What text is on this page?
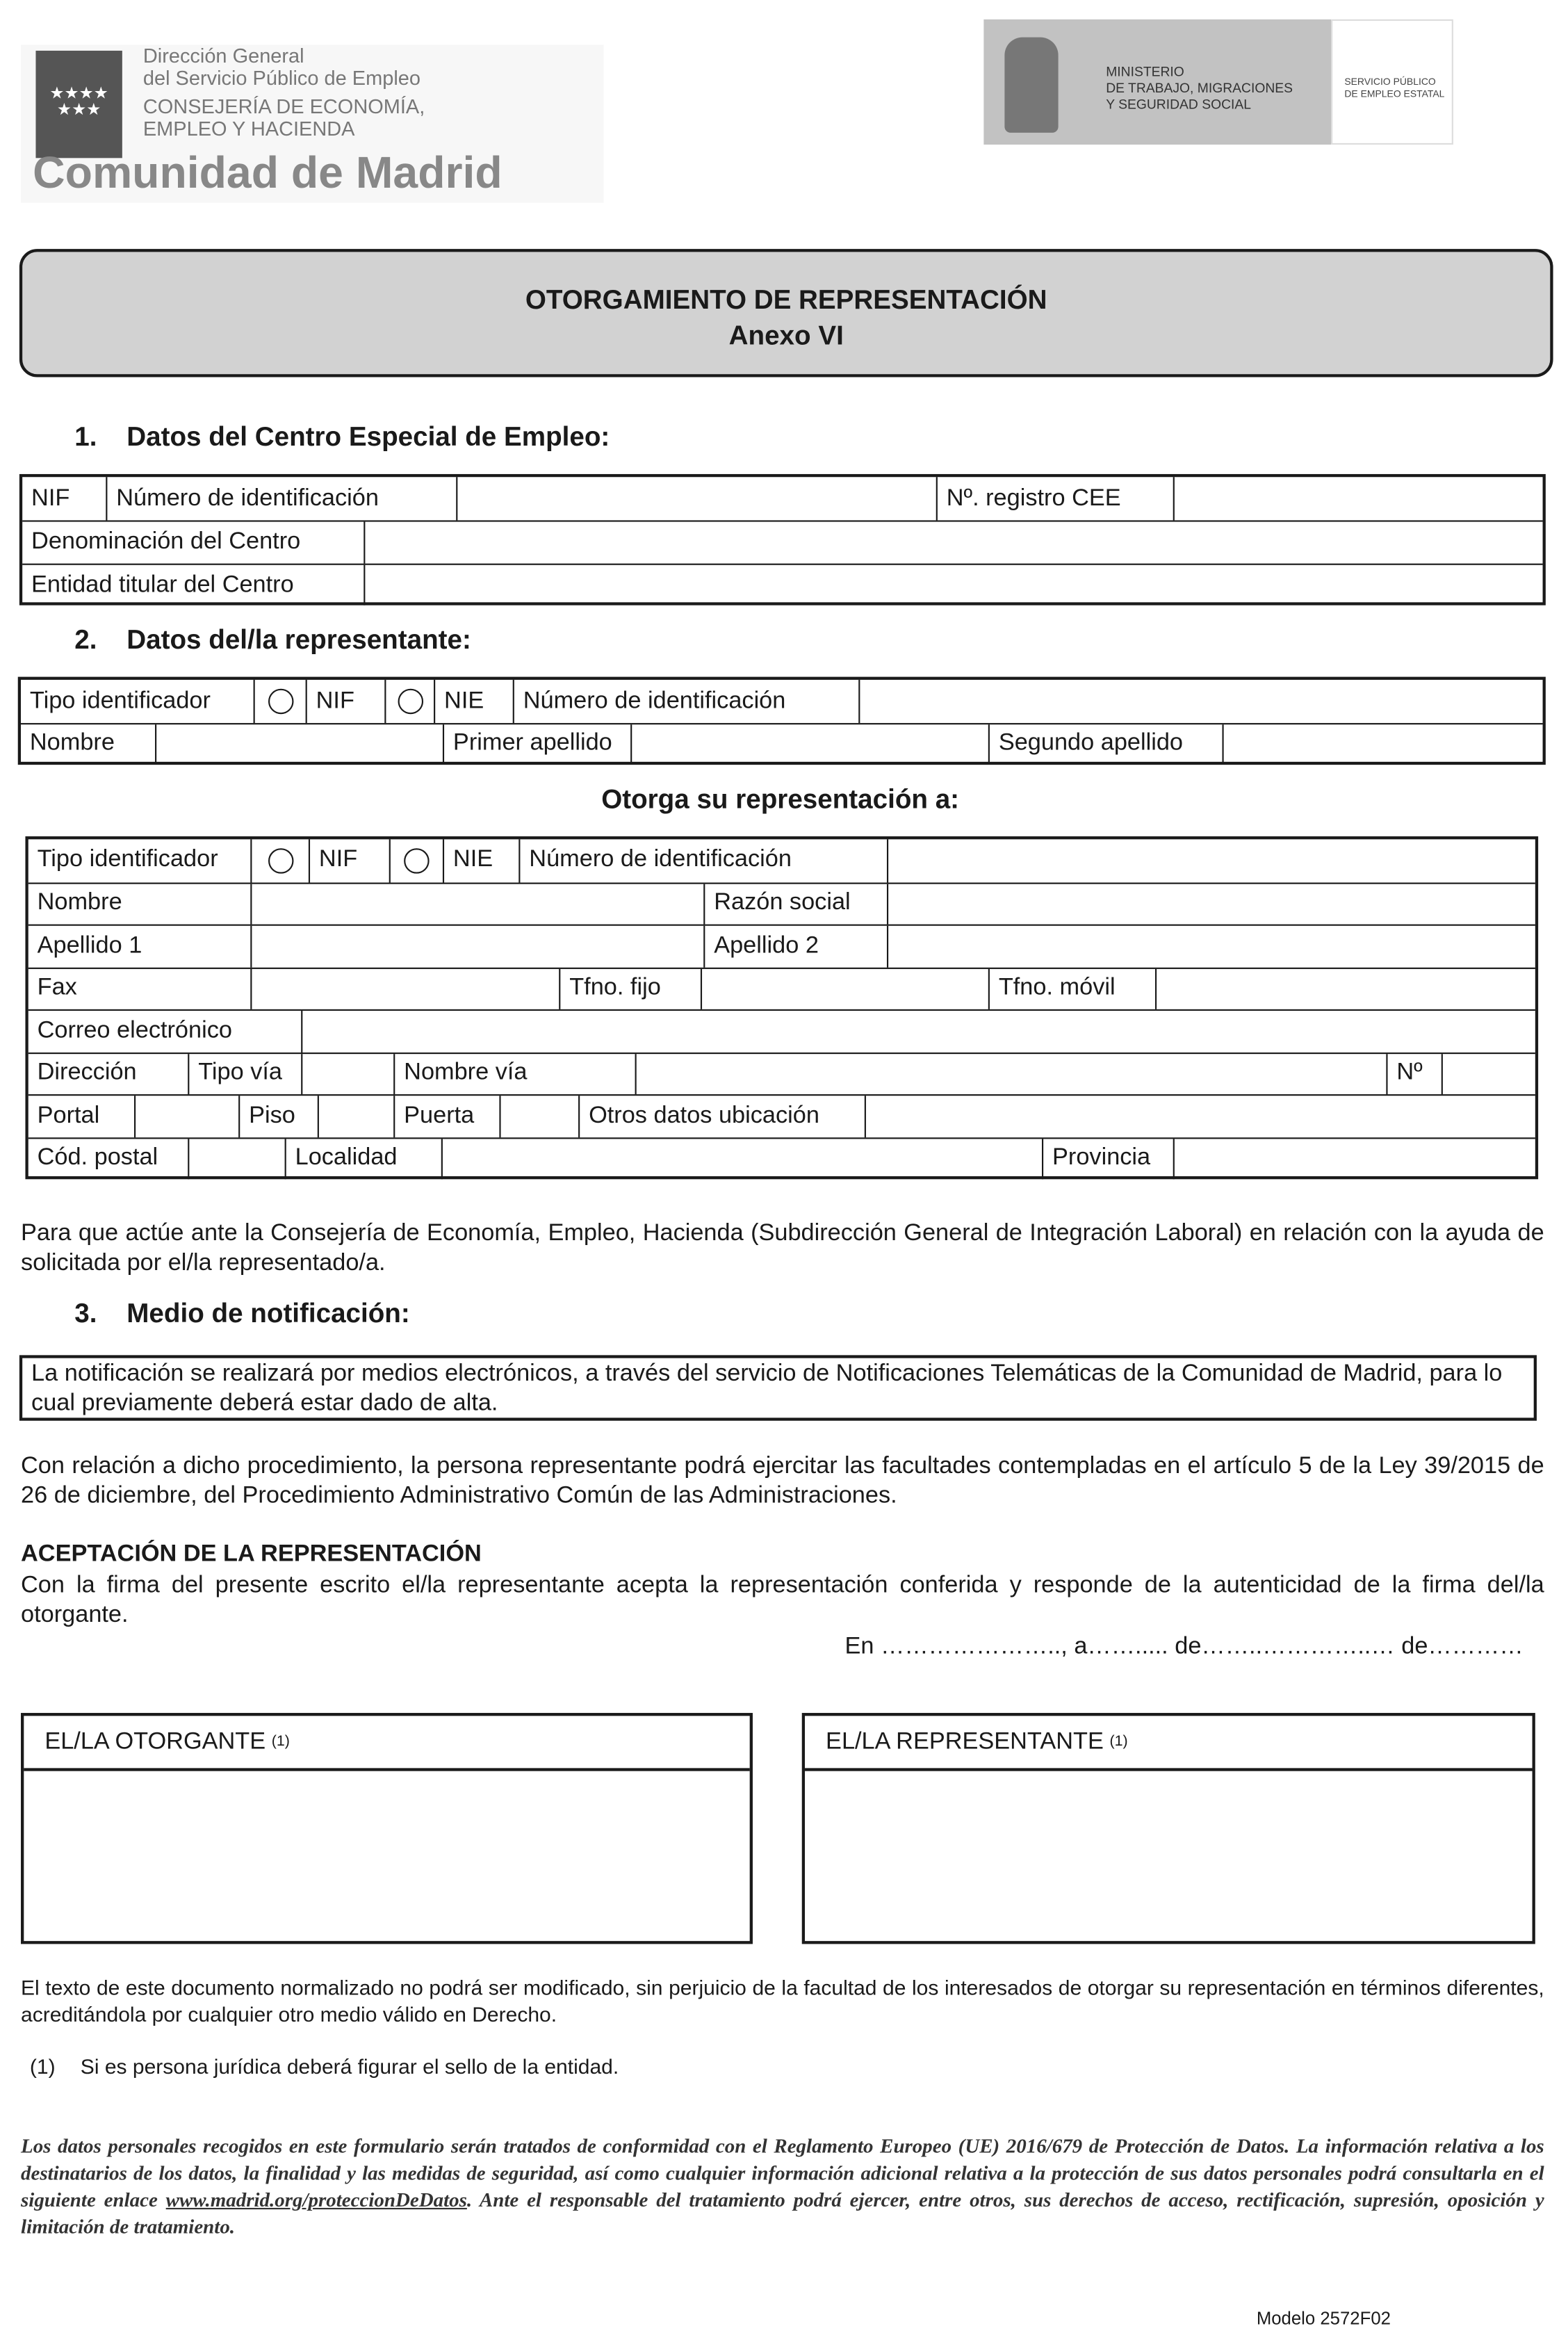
★★★★
★★★
Dirección General
del Servicio Público de Empleo
CONSEJERÍA DE ECONOMÍA,
EMPLEO Y HACIENDA
Comunidad de Madrid
MINISTERIO
DE TRABAJO, MIGRACIONES
Y SEGURIDAD SOCIAL
SERVICIO PÚBLICO
DE EMPLEO ESTATAL
OTORGAMIENTO DE REPRESENTACIÓN
Anexo VI
1. Datos del Centro Especial de Empleo:
NIF	Número de identificación	Nº. registro CEE
Denominación del Centro
Entidad titular del Centro
2. Datos del/la representante:
Tipo identificador	NIF	NIE	Número de identificación
Nombre	Primer apellido	Segundo apellido
Otorga su representación a:
Tipo identificador	NIF	NIE	Número de identificación
Nombre	Razón social
Apellido 1	Apellido 2
Fax	Tfno. fijo	Tfno. móvil
Correo electrónico
Dirección	Tipo vía	Nombre vía	Nº
Portal	Piso	Puerta	Otros datos ubicación
Cód. postal	Localidad	Provincia
Para que actúe ante la Consejería de Economía, Empleo, Hacienda (Subdirección General de Integración Laboral) en relación con la ayuda de solicitada por el/la representado/a.
3. Medio de notificación:
La notificación se realizará por medios electrónicos, a través del servicio de Notificaciones Telemáticas de la Comunidad de Madrid, para lo cual previamente deberá estar dado de alta.
Con relación a dicho procedimiento, la persona representante podrá ejercitar las facultades contempladas en el artículo 5 de la Ley 39/2015 de 26 de diciembre, del Procedimiento Administrativo Común de las Administraciones.
ACEPTACIÓN DE LA REPRESENTACIÓN
Con la firma del presente escrito el/la representante acepta la representación conferida y responde de la autenticidad de la firma del/la otorgante.
En ………………….., a……..... de……..…………..… de…………
EL/LA OTORGANTE (1)	EL/LA REPRESENTANTE (1)
El texto de este documento normalizado no podrá ser modificado, sin perjuicio de la facultad de los interesados de otorgar su representación en términos diferentes, acreditándola por cualquier otro medio válido en Derecho.
(1)	Si es persona jurídica deberá figurar el sello de la entidad.
Los datos personales recogidos en este formulario serán tratados de conformidad con el Reglamento Europeo (UE) 2016/679 de Protección de Datos. La información relativa a los destinatarios de los datos, la finalidad y las medidas de seguridad, así como cualquier información adicional relativa a la protección de sus datos personales podrá consultarla en el siguiente enlace www.madrid.org/proteccionDeDatos. Ante el responsable del tratamiento podrá ejercer, entre otros, sus derechos de acceso, rectificación, supresión, oposición y limitación de tratamiento.
Modelo 2572F02
